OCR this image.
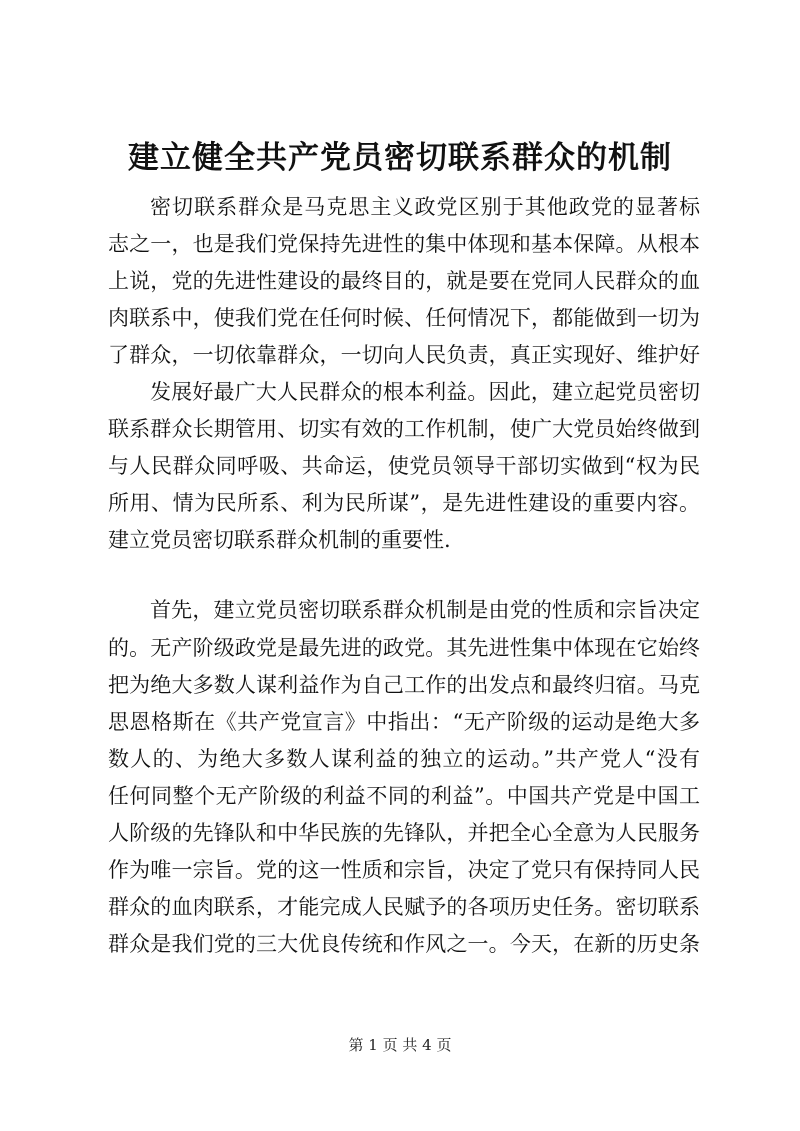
建立健全共产党员密切联系群众的机制

密切联系群众是马克思主义政党区别于其他政党的显著标

志之一，也是我们党保持先进性的集中体现和基本保障。从根本

上说，党的先进性建设的最终目的，就是要在党同人民群众的血

肉联系中，使我们党在任何时候、任何情况下，都能做到一切为

了群众，一切依靠群众，一切向人民负责，真正实现好、维护好

发展好最广大人民群众的根本利益。因此，建立起党员密切

联系群众长期管用、切实有效的工作机制，使广大党员始终做到

与人民群众同呼吸、共命运，使党员领导干部切实做到“权为民

所用、情为民所系、利为民所谋”，是先进性建设的重要内容。

建立党员密切联系群众机制的重要性.

首先，建立党员密切联系群众机制是由党的性质和宗旨决定

的。无产阶级政党是最先进的政党。其先进性集中体现在它始终

把为绝大多数人谋利益作为自己工作的出发点和最终归宿。马克

思恩格斯在《共产党宣言》中指出：“无产阶级的运动是绝大多

数人的、为绝大多数人谋利益的独立的运动。”共产党人“没有

任何同整个无产阶级的利益不同的利益”。中国共产党是中国工

人阶级的先锋队和中华民族的先锋队，并把全心全意为人民服务

作为唯一宗旨。党的这一性质和宗旨，决定了党只有保持同人民

群众的血肉联系，才能完成人民赋予的各项历史任务。密切联系

群众是我们党的三大优良传统和作风之一。今天，在新的历史条

第 1 页 共 4 页
